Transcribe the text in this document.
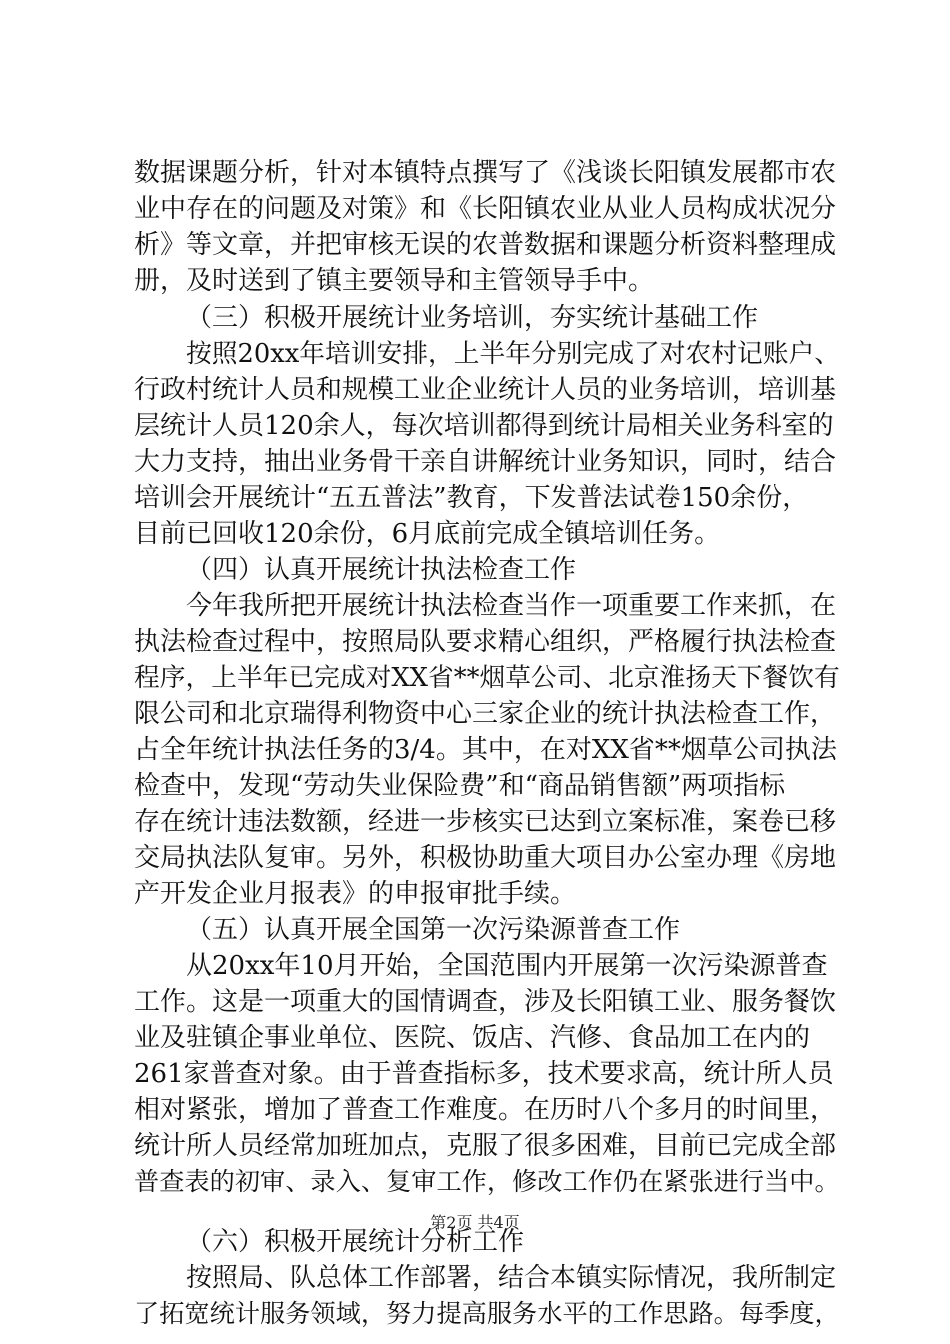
数据课题分析，针对本镇特点撰写了《浅谈长阳镇发展都市农
业中存在的问题及对策》和《长阳镇农业从业人员构成状况分
析》等文章，并把审核无误的农普数据和课题分析资料整理成
册，及时送到了镇主要领导和主管领导手中。
（三）积极开展统计业务培训，夯实统计基础工作
按照20xx年培训安排，上半年分别完成了对农村记账户、
行政村统计人员和规模工业企业统计人员的业务培训，培训基
层统计人员120余人，每次培训都得到统计局相关业务科室的
大力支持，抽出业务骨干亲自讲解统计业务知识，同时，结合
培训会开展统计“五五普法”教育，下发普法试卷150余份，
目前已回收120余份，6月底前完成全镇培训任务。
（四）认真开展统计执法检查工作
今年我所把开展统计执法检查当作一项重要工作来抓，在
执法检查过程中，按照局队要求精心组织，严格履行执法检查
程序，上半年已完成对XX省**烟草公司、北京淮扬天下餐饮有
限公司和北京瑞得利物资中心三家企业的统计执法检查工作，
占全年统计执法任务的3/4。其中，在对XX省**烟草公司执法
检查中，发现“劳动失业保险费”和“商品销售额”两项指标
存在统计违法数额，经进一步核实已达到立案标准，案卷已移
交局执法队复审。另外，积极协助重大项目办公室办理《房地
产开发企业月报表》的申报审批手续。
（五）认真开展全国第一次污染源普查工作
从20xx年10月开始，全国范围内开展第一次污染源普查
工作。这是一项重大的国情调查，涉及长阳镇工业、服务餐饮
业及驻镇企事业单位、医院、饭店、汽修、食品加工在内的
261家普查对象。由于普查指标多，技术要求高，统计所人员
相对紧张，增加了普查工作难度。在历时八个多月的时间里，
统计所人员经常加班加点，克服了很多困难，目前已完成全部
普查表的初审、录入、复审工作，修改工作仍在紧张进行当中。
（六）积极开展统计分析工作
按照局、队总体工作部署，结合本镇实际情况，我所制定
了拓宽统计服务领域，努力提高服务水平的工作思路。每季度，
第2页 共4页
